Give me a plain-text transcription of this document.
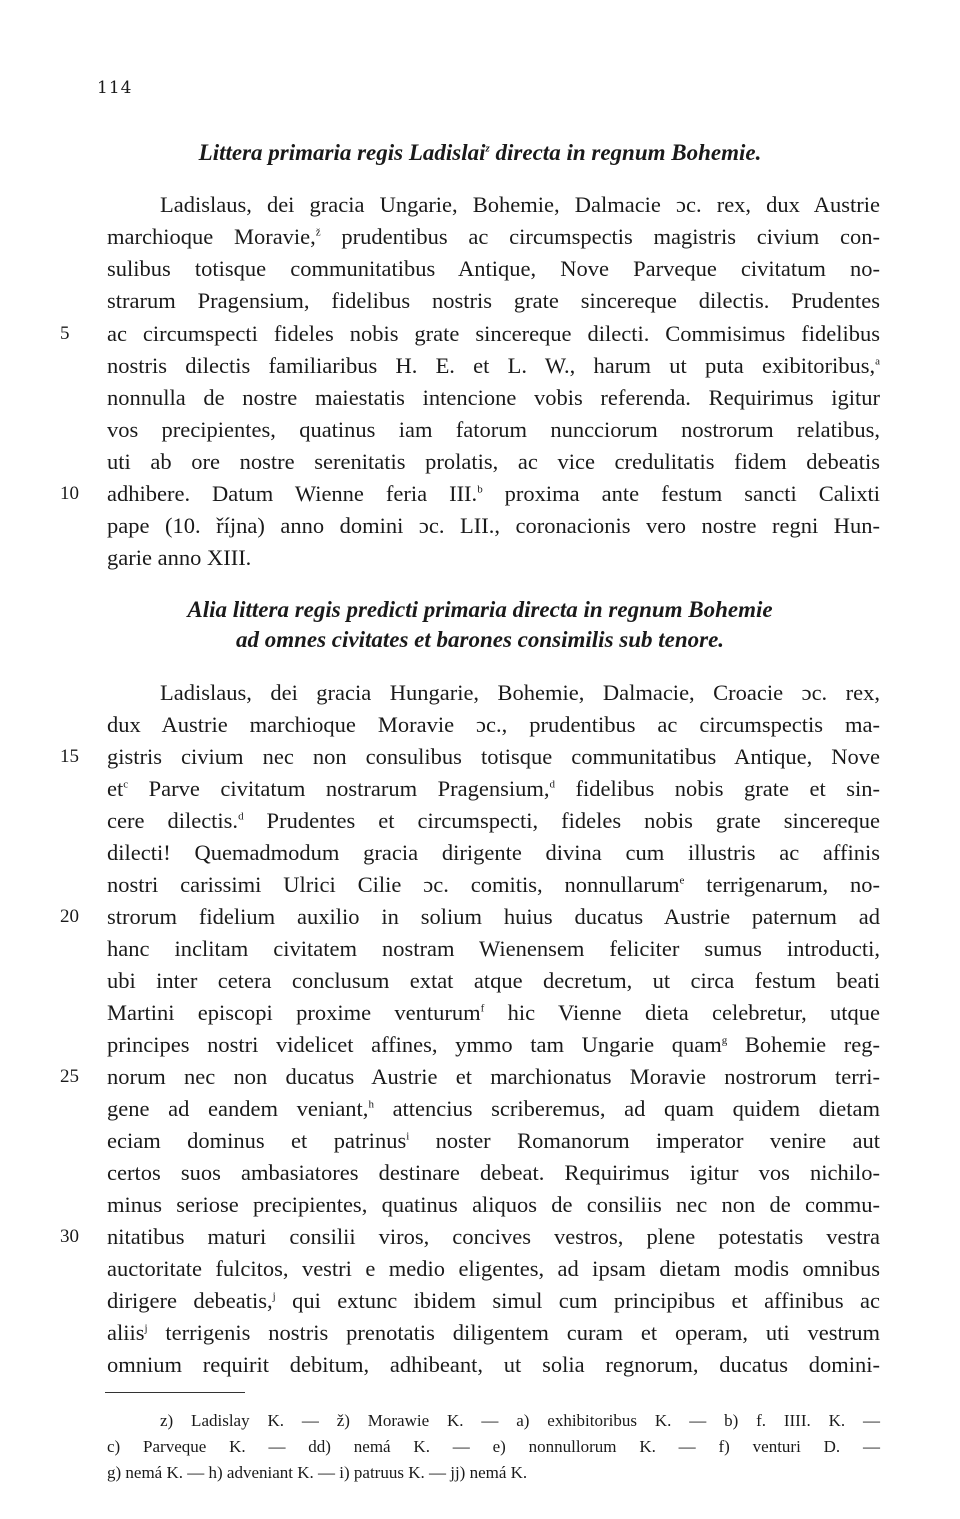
114
Littera primaria regis Ladislai$^z$ directa in regnum Bohemie.
Ladislaus, dei gracia Ungarie, Bohemie, Dalmacie ɔc. rex, dux Austrie
marchioque Moravie,$^ž$ prudentibus ac circumspectis magistris civium con-
sulibus totisque communitatibus Antique, Nove Parveque civitatum no-
strarum Pragensium, fidelibus nostris grate sincereque dilectis. Prudentes
5	ac circumspecti fideles nobis grate sincereque dilecti. Commisimus fidelibus
nostris dilectis familiaribus H. E. et L. W., harum ut puta exibitoribus,$^a$
nonnulla de nostre maiestatis intencione vobis referenda. Requirimus igitur
vos precipientes, quatinus iam fatorum nuncciorum nostrorum relatibus,
uti ab ore nostre serenitatis prolatis, ac vice credulitatis fidem debeatis
10	adhibere. Datum Wienne feria III.$^b$ proxima ante festum sancti Calixti
pape (10. října) anno domini ɔc. LII., coronacionis vero nostre regni Hun-
garie anno XIII.
Alia littera regis predicti primaria directa in regnum Bohemie
ad omnes civitates et barones consimilis sub tenore.
Ladislaus, dei gracia Hungarie, Bohemie, Dalmacie, Croacie ɔc. rex,
dux Austrie marchioque Moravie ɔc., prudentibus ac circumspectis ma-
15	gistris civium nec non consulibus totisque communitatibus Antique, Nove
$et^c$ Parve civitatum nostrarum Pragensium,$^d$ fidelibus nobis grate et sin-
cere dilectis.$^d$ Prudentes et circumspecti, fideles nobis grate sincereque
dilecti! Quemadmodum gracia dirigente divina cum illustris ac affinis
nostri carissimi Ulrici Cilie ɔc. comitis, nonnullarum$^e$ terrigenarum, no-
20	strorum fidelium auxilio in solium huius ducatus Austrie paternum ad
hanc inclitam civitatem nostram Wienensem feliciter sumus introducti,
ubi inter cetera conclusum extat atque decretum, ut circa festum beati
Martini episcopi proxime venturum$^f$ hic Vienne dieta celebretur, utque
principes nostri videlicet affines, ymmo tam Ungarie quam$^g$ Bohemie reg-
25	norum nec non ducatus Austrie et marchionatus Moravie nostrorum terri-
gene ad eandem veniant,$^h$ attencius scriberemus, ad quam quidem dietam
eciam dominus et patrinus$^i$ noster Romanorum imperator venire aut
certos suos ambasiatores destinare debeat. Requirimus igitur vos nichilo-
minus seriose precipientes, quatinus aliquos de consiliis nec non de commu-
30	nitatibus maturi consilii viros, concives vestros, plene potestatis vestra
auctoritate fulcitos, vestri e medio eligentes, ad ipsam dietam modis omnibus
dirigere debeatis,$^j$ qui extunc ibidem simul cum principibus et affinibus ac
aliis$^j$ terrigenis nostris prenotatis diligentem curam et operam, uti vestrum
omnium requirit debitum, adhibeant, ut solia regnorum, ducatus domini-
z) Ladislay K. — ž) Morawie K. — a) exhibitoribus K. — b) f. IIII. K. —
c) Parveque K. — dd) nemá K. — e) nonnullorum K. — f) venturi D. —
g) nemá K. — h) adveniant K. — i) patruus K. — jj) nemá K.
